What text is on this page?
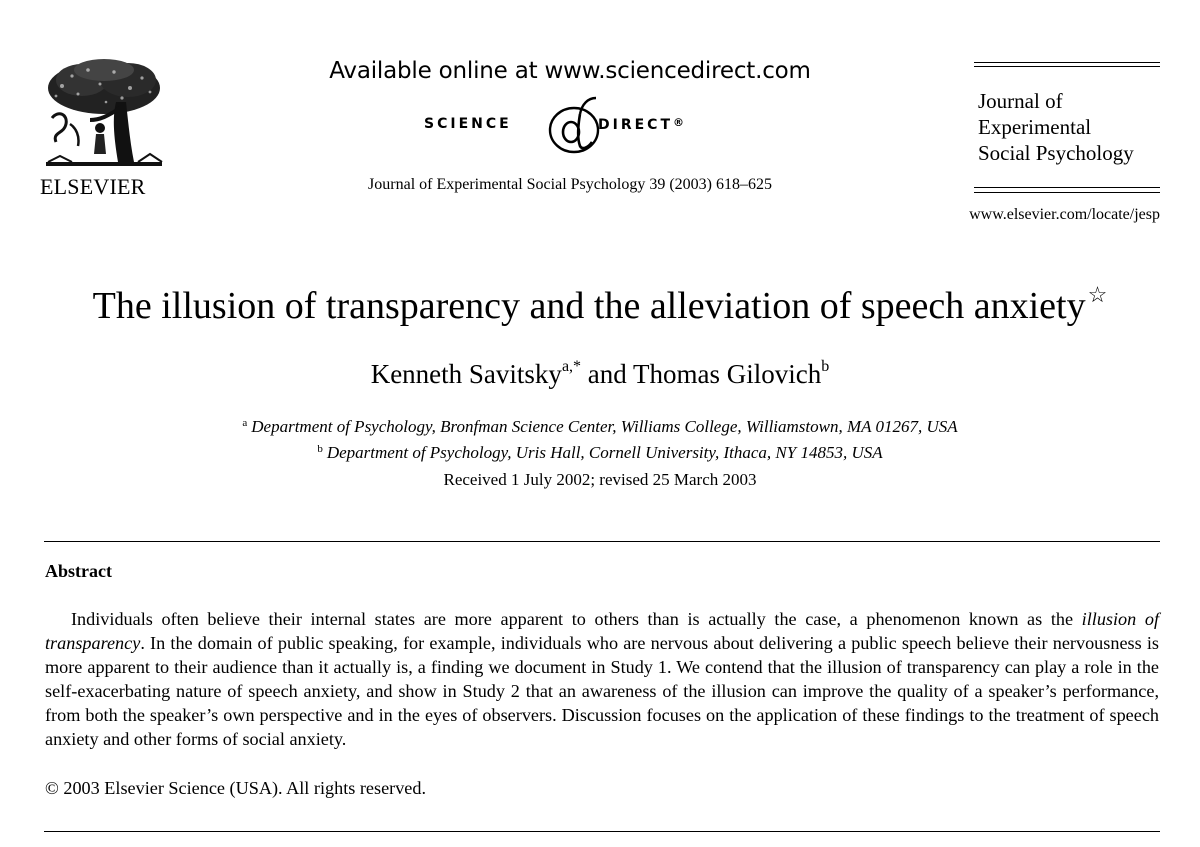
ELSEVIER
Available online at www.sciencedirect.com
SCIENCE	DIRECT®
Journal of Experimental Social Psychology 39 (2003) 618–625
Journal of
Experimental
Social Psychology
www.elsevier.com/locate/jesp
The illusion of transparency and the alleviation of speech anxiety☆
Kenneth Savitsky$^{a,*}$ and Thomas Gilovich$^b$
$^a$ Department of Psychology, Bronfman Science Center, Williams College, Williamstown, MA 01267, USA
$^b$ Department of Psychology, Uris Hall, Cornell University, Ithaca, NY 14853, USA
Received 1 July 2002; revised 25 March 2003
Abstract

Individuals often believe their internal states are more apparent to others than is actually the case, a phenomenon known as the illusion of transparency. In the domain of public speaking, for example, individuals who are nervous about delivering a public speech believe their nervousness is more apparent to their audience than it actually is, a finding we document in Study 1. We contend that the illusion of transparency can play a role in the self-exacerbating nature of speech anxiety, and show in Study 2 that an awareness of the illusion can improve the quality of a speaker’s performance, from both the speaker’s own perspective and in the eyes of observers. Discussion focuses on the application of these findings to the treatment of speech anxiety and other forms of social anxiety.

© 2003 Elsevier Science (USA). All rights reserved.
